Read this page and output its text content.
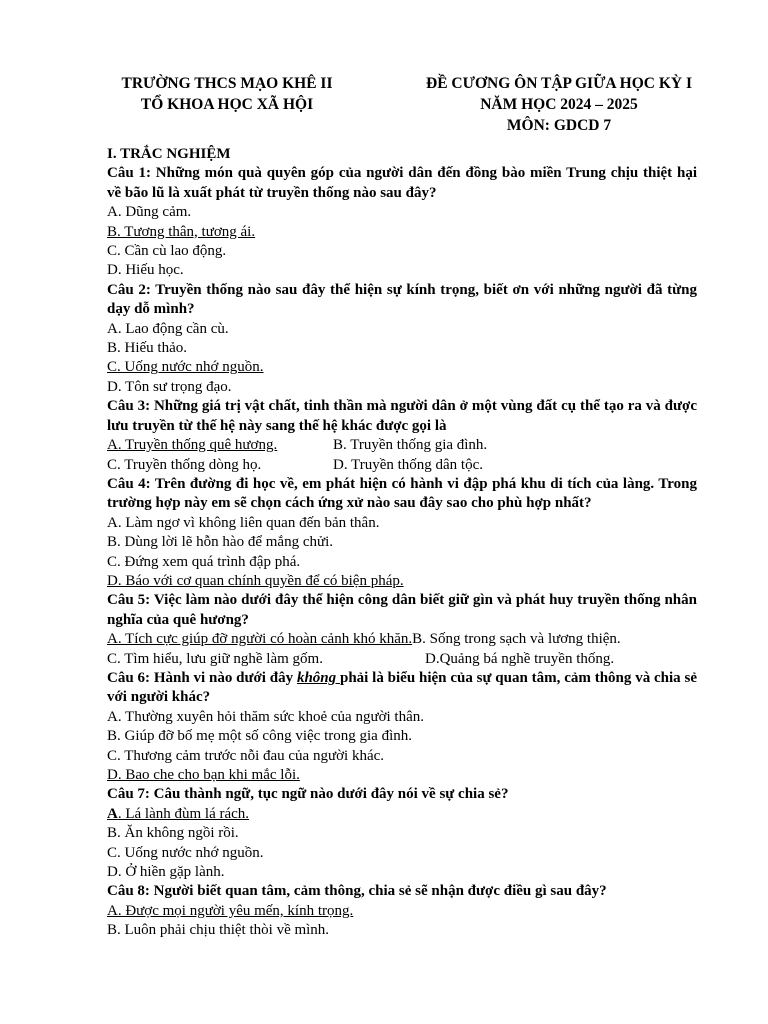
TRƯỜNG THCS MẠO KHÊ II
TỔ KHOA HỌC XÃ HỘI
ĐỀ CƯƠNG ÔN TẬP GIỮA HỌC KỲ I
NĂM HỌC 2024 – 2025
MÔN: GDCD 7
I. TRẮC NGHIỆM
Câu 1: Những món quà quyên góp của người dân đến đồng bào miền Trung chịu thiệt hại về bão lũ là xuất phát từ truyền thống nào sau đây?
A. Dũng cảm.
B. Tương thân, tương ái.
C. Cần cù lao động.
D. Hiếu học.
Câu 2: Truyền thống nào sau đây thể hiện sự kính trọng, biết ơn với những người đã từng dạy dỗ mình?
A. Lao động cần cù.
B. Hiếu thảo.
C. Uống nước nhớ nguồn.
D. Tôn sư trọng đạo.
Câu 3: Những giá trị vật chất, tinh thần mà người dân ở một vùng đất cụ thể tạo ra và được lưu truyền từ thế hệ này sang thế hệ khác được gọi là
A. Truyền thống quê hương.	B. Truyền thống gia đình.
C. Truyền thống dòng họ.	D. Truyền thống dân tộc.
Câu 4: Trên đường đi học về, em phát hiện có hành vi đập phá khu di tích của làng. Trong trường hợp này em sẽ chọn cách ứng xử nào sau đây sao cho phù hợp nhất?
A. Làm ngơ vì không liên quan đến bản thân.
B. Dùng lời lẽ hỗn hào để mắng chửi.
C. Đứng xem quá trình đập phá.
D. Báo với cơ quan chính quyền để có biện pháp.
Câu 5: Việc làm nào dưới đây thể hiện công dân biết giữ gìn và phát huy truyền thống nhân nghĩa của quê hương?
A. Tích cực giúp đỡ người có hoàn cảnh khó khăn. B. Sống trong sạch và lương thiện.
C. Tìm hiểu, lưu giữ nghề làm gốm.	D.Quảng bá nghề truyền thống.
Câu 6: Hành vi nào dưới đây không phải là biểu hiện của sự quan tâm, cảm thông và chia sẻ với người khác?
A. Thường xuyên hỏi thăm sức khoẻ của người thân.
B. Giúp đỡ bố mẹ một số công việc trong gia đình.
C. Thương cảm trước nỗi đau của người khác.
D. Bao che cho bạn khi mắc lỗi.
Câu 7: Câu thành ngữ, tục ngữ nào dưới đây nói về sự chia sẻ?
A. Lá lành đùm lá rách.
B. Ăn không ngồi rồi.
C. Uống nước nhớ nguồn.
D. Ở hiền gặp lành.
Câu 8: Người biết quan tâm, cảm thông, chia sẻ sẽ nhận được điều gì sau đây?
A. Được mọi người yêu mến, kính trọng.
B. Luôn phải chịu thiệt thòi về mình.
